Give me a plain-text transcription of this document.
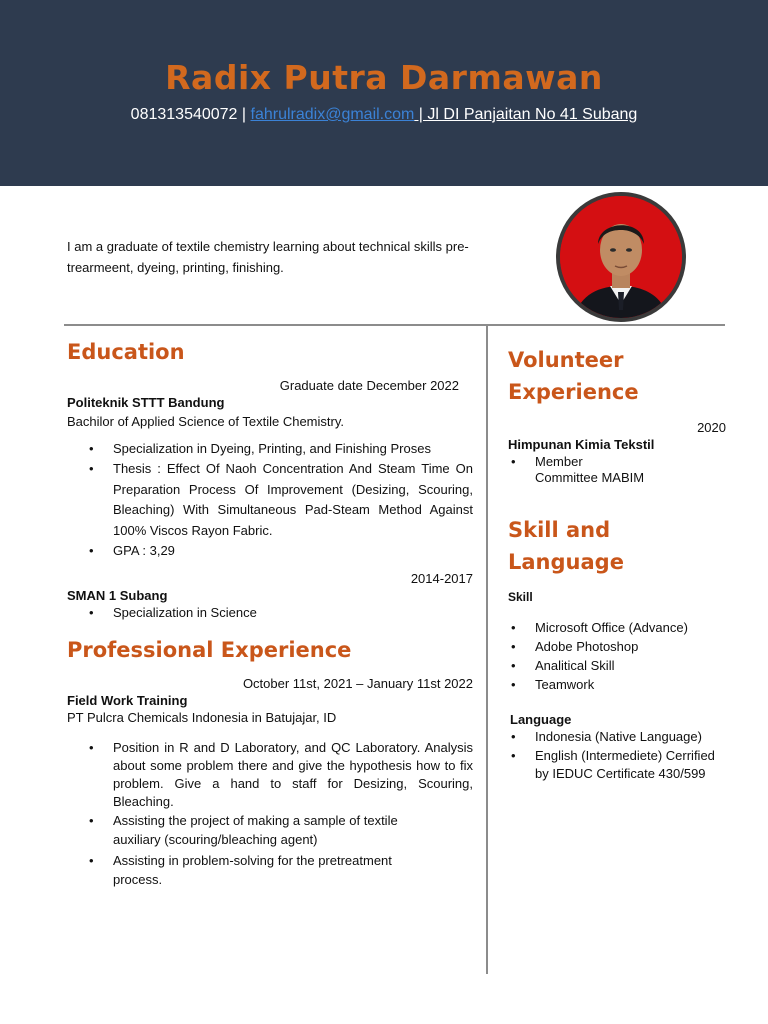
Radix Putra Darmawan
081313540072 | fahrulradix@gmail.com | Jl DI Panjaitan No 41 Subang
I am a graduate of textile chemistry learning about technical skills pre-trearmeent, dyeing, printing, finishing.
Education
Graduate date December 2022
Politeknik STTT Bandung
Bachilor of Applied Science of Textile Chemistry.
• Specialization in Dyeing, Printing, and Finishing Proses
• Thesis : Effect Of Naoh Concentration And Steam Time On Preparation Process Of Improvement (Desizing, Scouring, Bleaching) With Simultaneous Pad-Steam Method Against 100% Viscos Rayon Fabric.
• GPA : 3,29
2014-2017
SMAN 1 Subang
• Specialization in Science
Professional Experience
October 11st, 2021 – January 11st 2022
Field Work Training
PT Pulcra Chemicals Indonesia in Batujajar, ID
• Position in R and D Laboratory, and QC Laboratory. Analysis about some problem there and give the hypothesis how to fix problem. Give a hand to staff for Desizing, Scouring, Bleaching.
• Assisting the project of making a sample of textile auxiliary (scouring/bleaching agent)
• Assisting in problem-solving for the pretreatment process.
Volunteer
Experience
2020
Himpunan Kimia Tekstil
• Member
Committee MABIM
Skill and
Language
Skill
• Microsoft Office (Advance)
• Adobe Photoshop
• Analitical Skill
• Teamwork
Language
• Indonesia (Native Language)
• English (Intermediete) Cerrified by IEDUC Certificate 430/599
